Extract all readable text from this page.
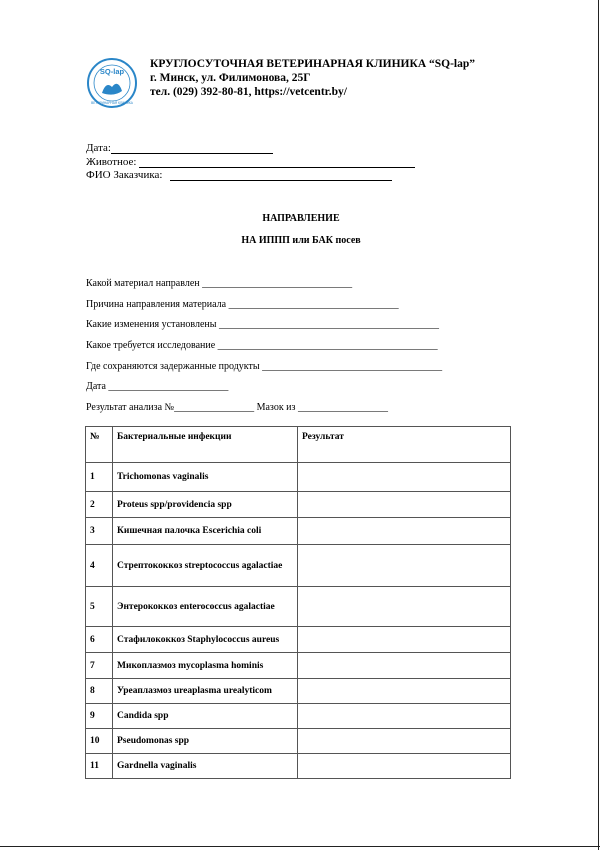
SQ-lap
ВЕТЕРИНАРНАЯ КЛИНИКА
КРУГЛОСУТОЧНАЯ ВЕТЕРИНАРНАЯ КЛИНИКА “SQ-lap”
г. Минск, ул. Филимонова, 25Г
тел. (029) 392-80-81, https://vetcentr.by/
Дата:
Животное:
ФИО Заказчика:
НАПРАВЛЕНИЕ
НА ИППП или БАК посев
Какой материал направлен ______________________________
Причина направления материала __________________________________
Какие изменения установлены ____________________________________________
Какое требуется исследование ____________________________________________
Где сохраняются задержанные продукты ____________________________________
Дата ________________________
Результат анализа №________________ Мазок из __________________
№	Бактериальные инфекции	Результат
1	Trichomonas vaginalis	
2	Proteus spp/providencia spp	
3	Кишечная палочка Escerichia coli	
4	Стрептококкоз streptococcus agalactiae	
5	Энтерококкоз enterococcus agalactiae	
6	Стафилококкоз Staphylococcus aureus	
7	Микоплазмоз mycoplasma hominis	
8	Уреаплазмоз ureaplasma urealyticom	
9	Candida spp	
10	Pseudomonas spp	
11	Gardnella vaginalis	
